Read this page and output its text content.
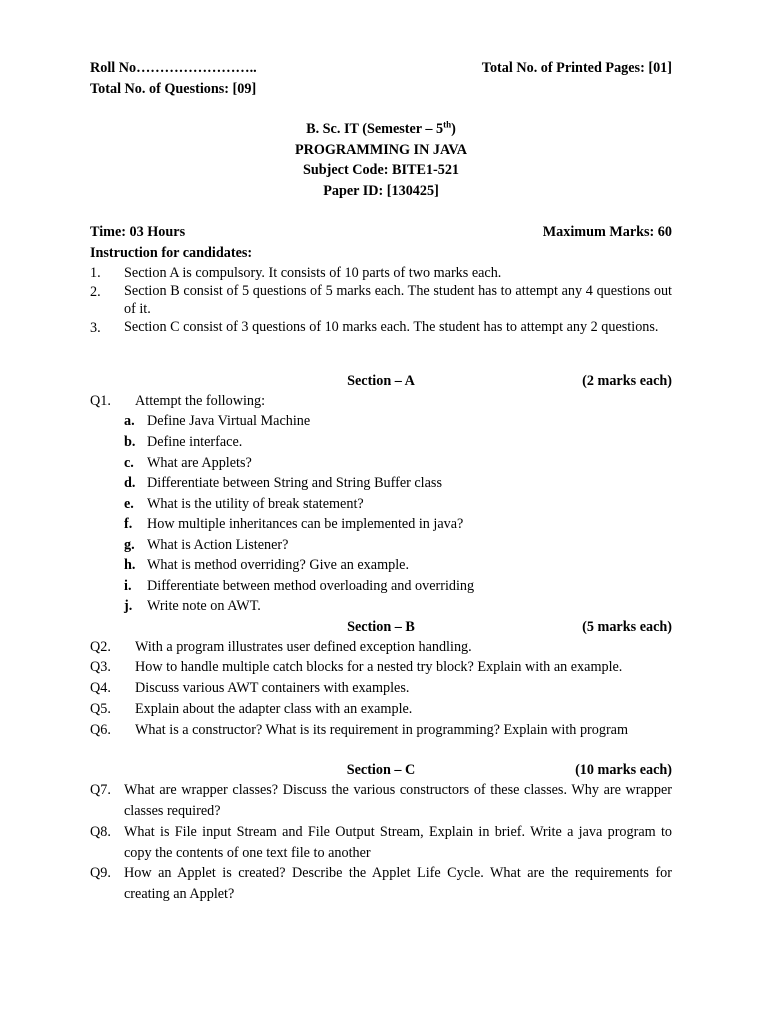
Roll No……………………..	Total No. of Printed Pages: [01]
Total No. of Questions: [09]
B. Sc. IT (Semester – 5th)
PROGRAMMING IN JAVA
Subject Code: BITE1-521
Paper ID: [130425]
Time: 03 Hours	Maximum Marks: 60
Instruction for candidates:
1. Section A is compulsory. It consists of 10 parts of two marks each.
2. Section B consist of 5 questions of 5 marks each. The student has to attempt any 4 questions out of it.
3. Section C consist of 3 questions of 10 marks each. The student has to attempt any 2 questions.
Section – A	(2 marks each)
Q1. Attempt the following:
a. Define Java Virtual Machine
b. Define interface.
c. What are Applets?
d. Differentiate between String and String Buffer class
e. What is the utility of break statement?
f. How multiple inheritances can be implemented in java?
g. What is Action Listener?
h. What is method overriding? Give an example.
i. Differentiate between method overloading and overriding
j. Write note on AWT.
Section – B	(5 marks each)
Q2. With a program illustrates user defined exception handling.
Q3. How to handle multiple catch blocks for a nested try block? Explain with an example.
Q4. Discuss various AWT containers with examples.
Q5. Explain about the adapter class with an example.
Q6. What is a constructor? What is its requirement in programming? Explain with program
Section – C	(10 marks each)
Q7. What are wrapper classes? Discuss the various constructors of these classes. Why are wrapper classes required?
Q8. What is File input Stream and File Output Stream, Explain in brief. Write a java program to copy the contents of one text file to another
Q9. How an Applet is created? Describe the Applet Life Cycle. What are the requirements for creating an Applet?
